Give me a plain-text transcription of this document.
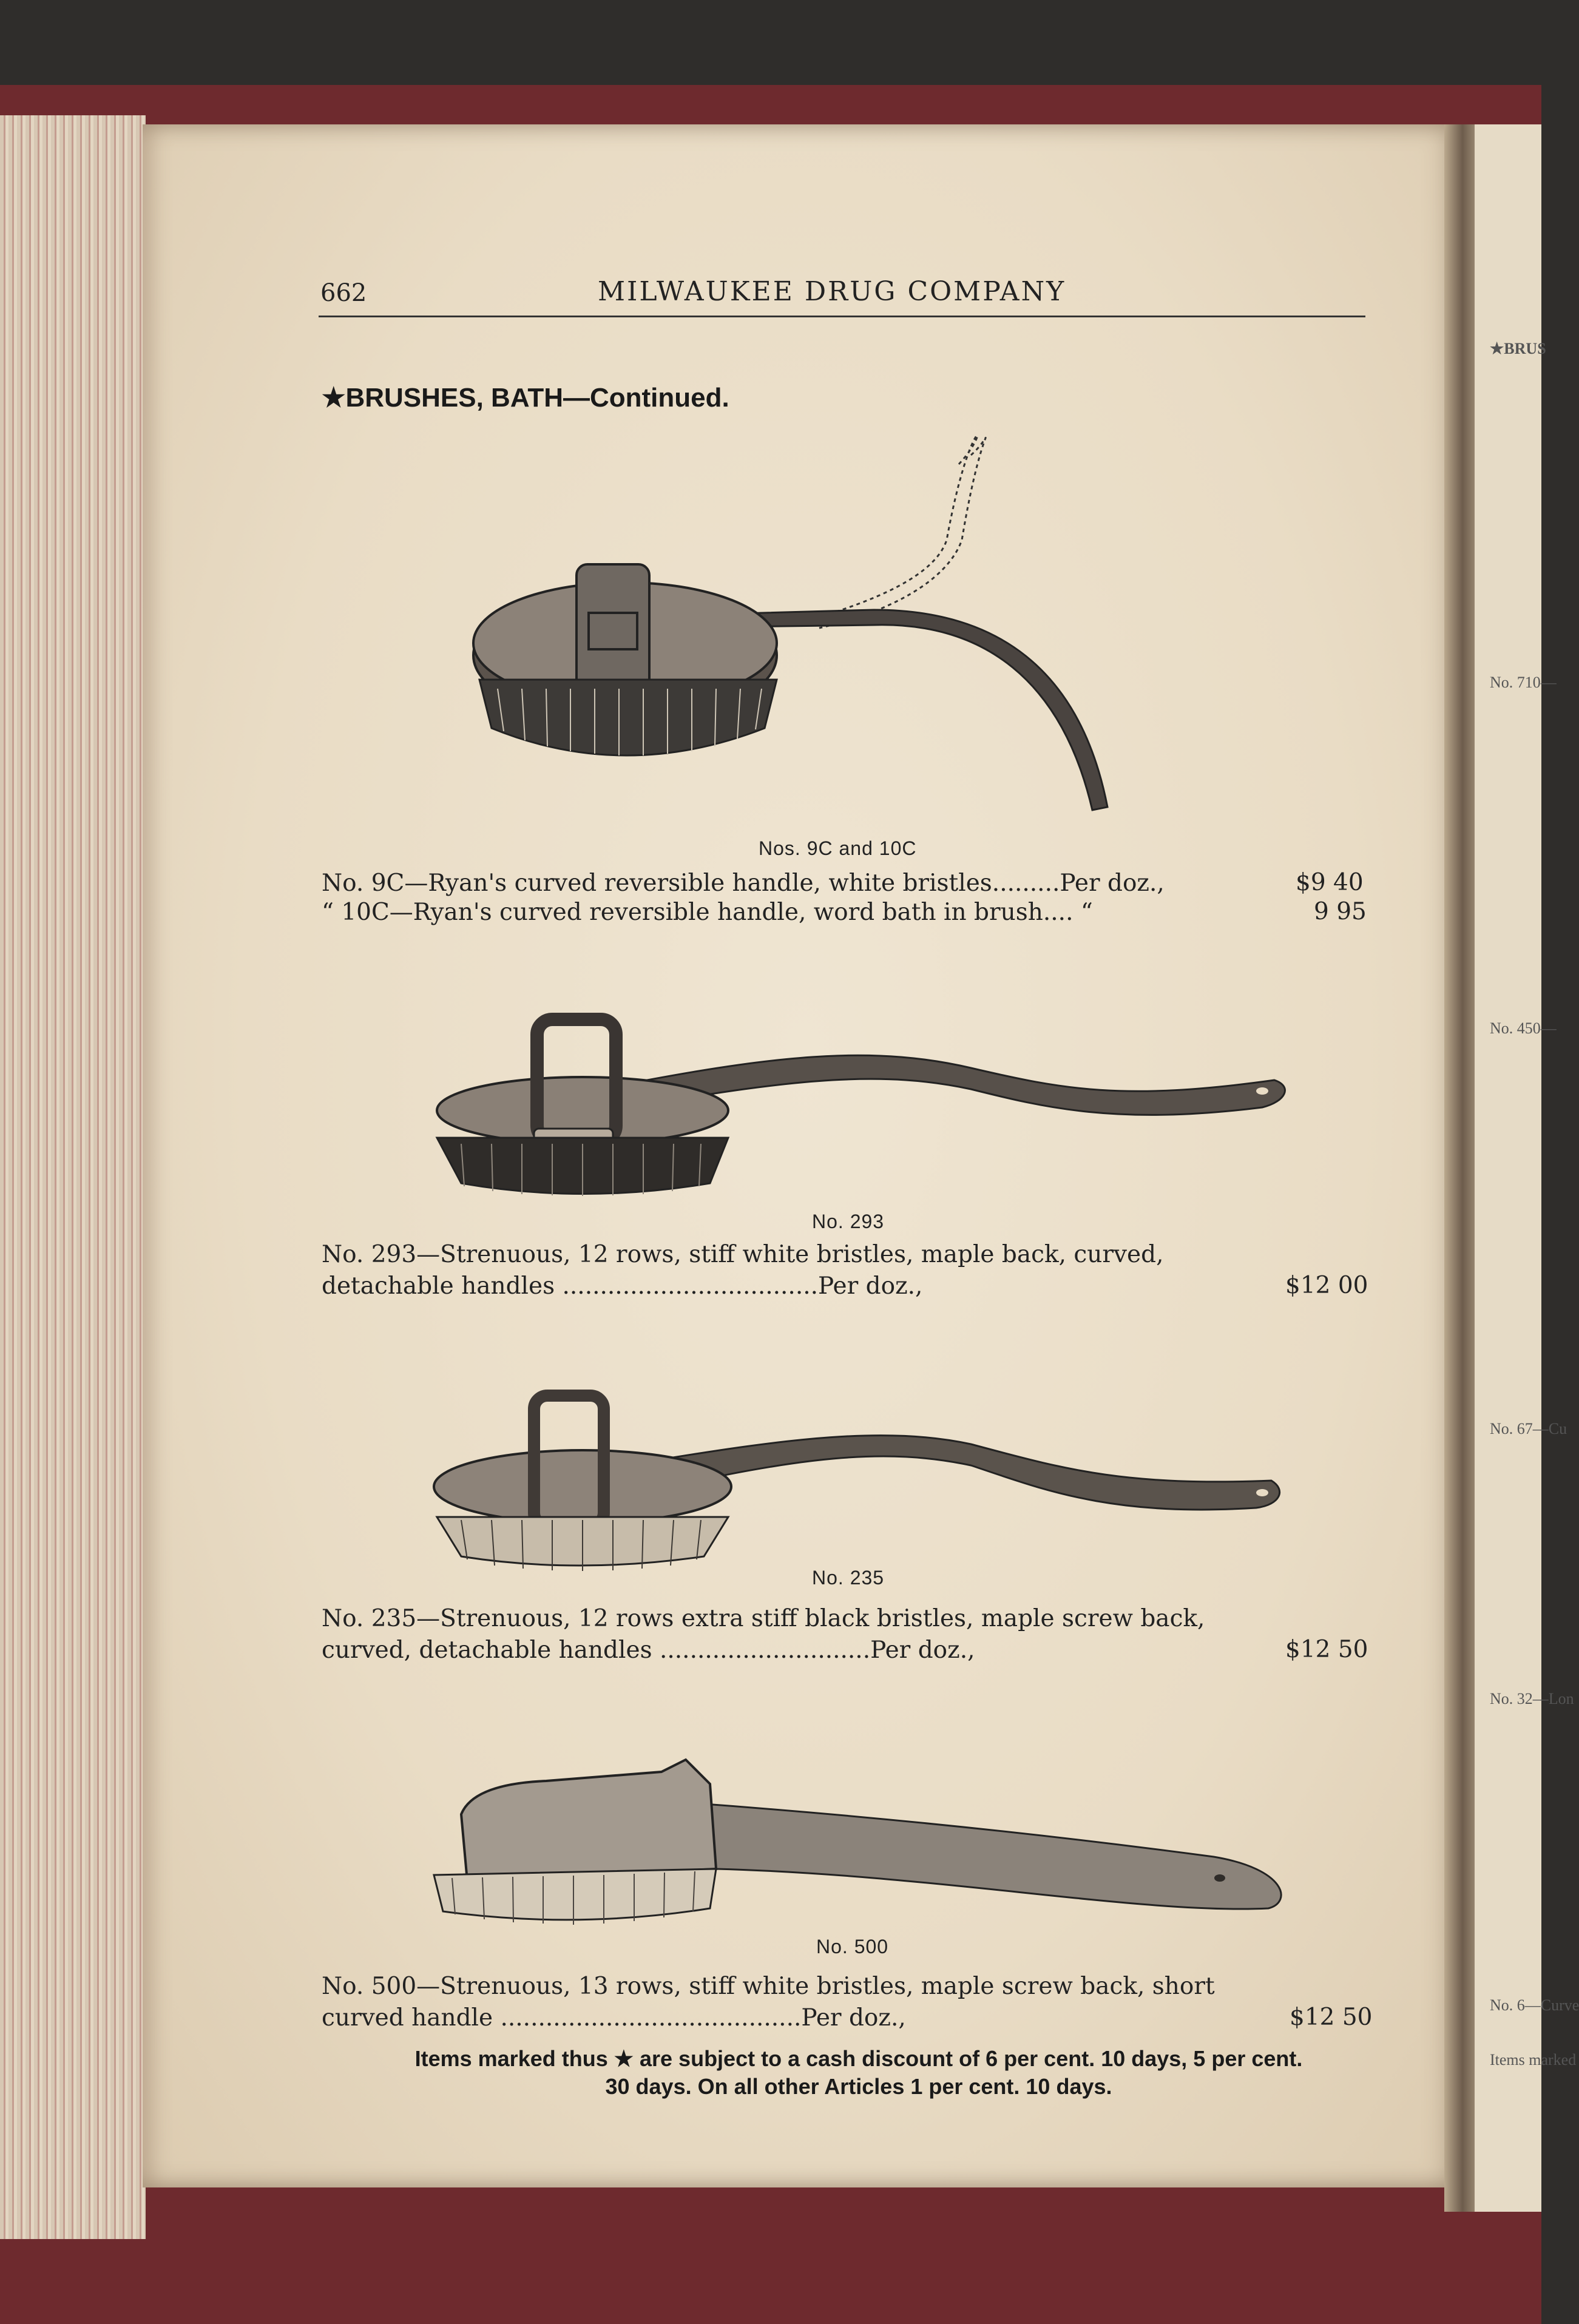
★BRUS
No. 710—
No. 450—
No. 67—Cu
No. 32—Lon
No. 6—Curve
Items marked
662	MILWAUKEE DRUG COMPANY
★BRUSHES, BATH—Continued.
Nos. 9C and 10C
No. 9C—Ryan's curved reversible handle, white bristles.........Per doz.,	$9 40
“ 10C—Ryan's curved reversible handle, word bath in brush.... “	9 95
No. 293
No. 293—Strenuous, 12 rows, stiff white bristles, maple back, curved,
detachable handles ..................................Per doz.,	$12 00
No. 235
No. 235—Strenuous, 12 rows extra stiff black bristles, maple screw back,
curved, detachable handles ............................Per doz.,	$12 50
No. 500
No. 500—Strenuous, 13 rows, stiff white bristles, maple screw back, short
curved handle ........................................Per doz.,	$12 50
Items marked thus ★ are subject to a cash discount of 6 per cent. 10 days, 5 per cent.
30 days. On all other Articles 1 per cent. 10 days.
